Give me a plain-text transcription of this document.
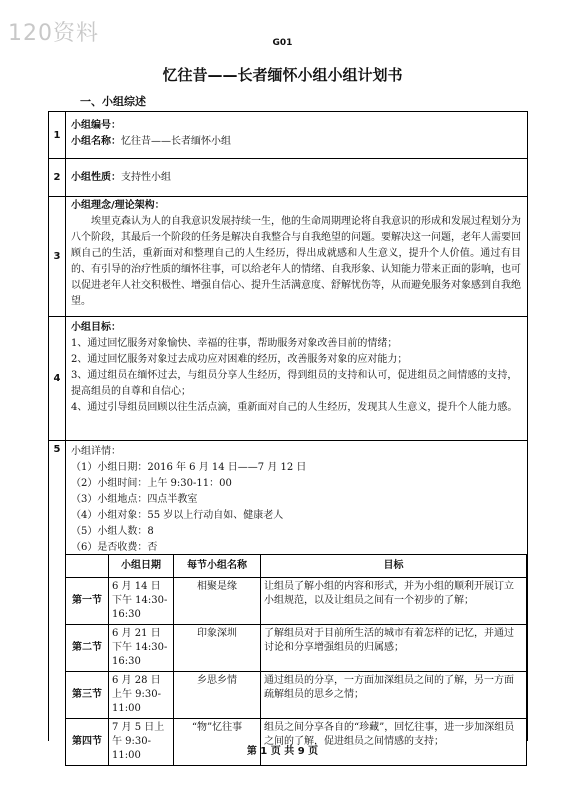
120资料	G01
忆往昔——长者缅怀小组小组计划书
一、小组综述
1
小组编号：
小组名称：忆往昔——长者缅怀小组
2	小组性质：支持性小组
3
小组理念/理论架构：
埃里克森认为人的自我意识发展持续一生，他的生命周期理论将自我意识的形成和发展过程划分为八个阶段，其最后一个阶段的任务是解决自我整合与自我绝望的问题。要解决这一问题，老年人需要回顾自己的生活，重新面对和整理自己的人生经历，得出成就感和人生意义，提升个人价值。通过有目的、有引导的治疗性质的缅怀往事，可以给老年人的情绪、自我形象、认知能力带来正面的影响，也可以促进老年人社交积极性、增强自信心、提升生活满意度、舒解忧伤等，从而避免服务对象感到自我绝望。
4
小组目标：
1、通过回忆服务对象愉快、幸福的往事，帮助服务对象改善目前的情绪；
2、通过回忆服务对象过去成功应对困难的经历，改善服务对象的应对能力；
3、通过组员在缅怀过去，与组员分享人生经历，得到组员的支持和认可，促进组员之间情感的支持，提高组员的自尊和自信心；
4、通过引导组员回顾以往生活点滴，重新面对自己的人生经历，发现其人生意义，提升个人能力感。
5	小组详情：
（1）小组日期：2016 年 6 月 14 日——7 月 12 日
（2）小组时间：上午 9:30-11：00
（3）小组地点：四点半教室
（4）小组对象：55 岁以上行动自如、健康老人
（5）小组人数：8
（6）是否收费：否
	小组日期	每节小组名称	目标
第一节	6 月 14 日下午 14:30-16:30	相聚是缘	让组员了解小组的内容和形式，并为小组的顺利开展订立小组规范，以及让组员之间有一个初步的了解；
第二节	6 月 21 日下午 14:30-16:30	印象深圳	了解组员对于目前所生活的城市有着怎样的记忆，并通过讨论和分享增强组员的归属感；
第三节	6 月 28 日上午 9:30-11:00	乡思乡情	通过组员的分享，一方面加深组员之间的了解，另一方面疏解组员的思乡之情；
第四节	7 月 5 日上午 9:30-11:00	“物”忆往事	组员之间分享各自的“珍藏”，回忆往事，进一步加深组员之间的了解，促进组员之间情感的支持；
第 1 页 共 9 页
